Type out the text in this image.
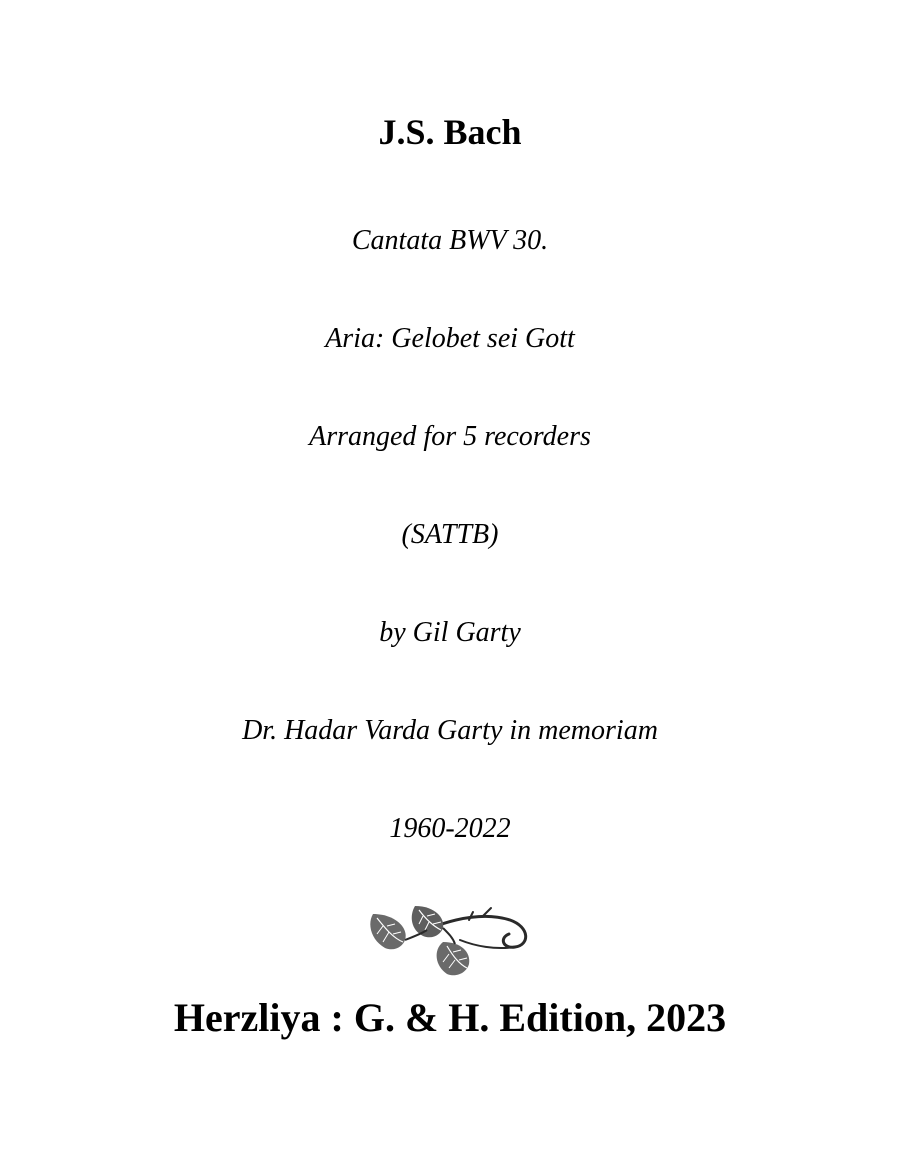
J.S. Bach
Cantata BWV 30.
Aria: Gelobet sei Gott
Arranged for 5 recorders
(SATTB)
by Gil Garty
Dr. Hadar Varda Garty in memoriam
1960-2022
Herzliya : G. & H. Edition, 2023
